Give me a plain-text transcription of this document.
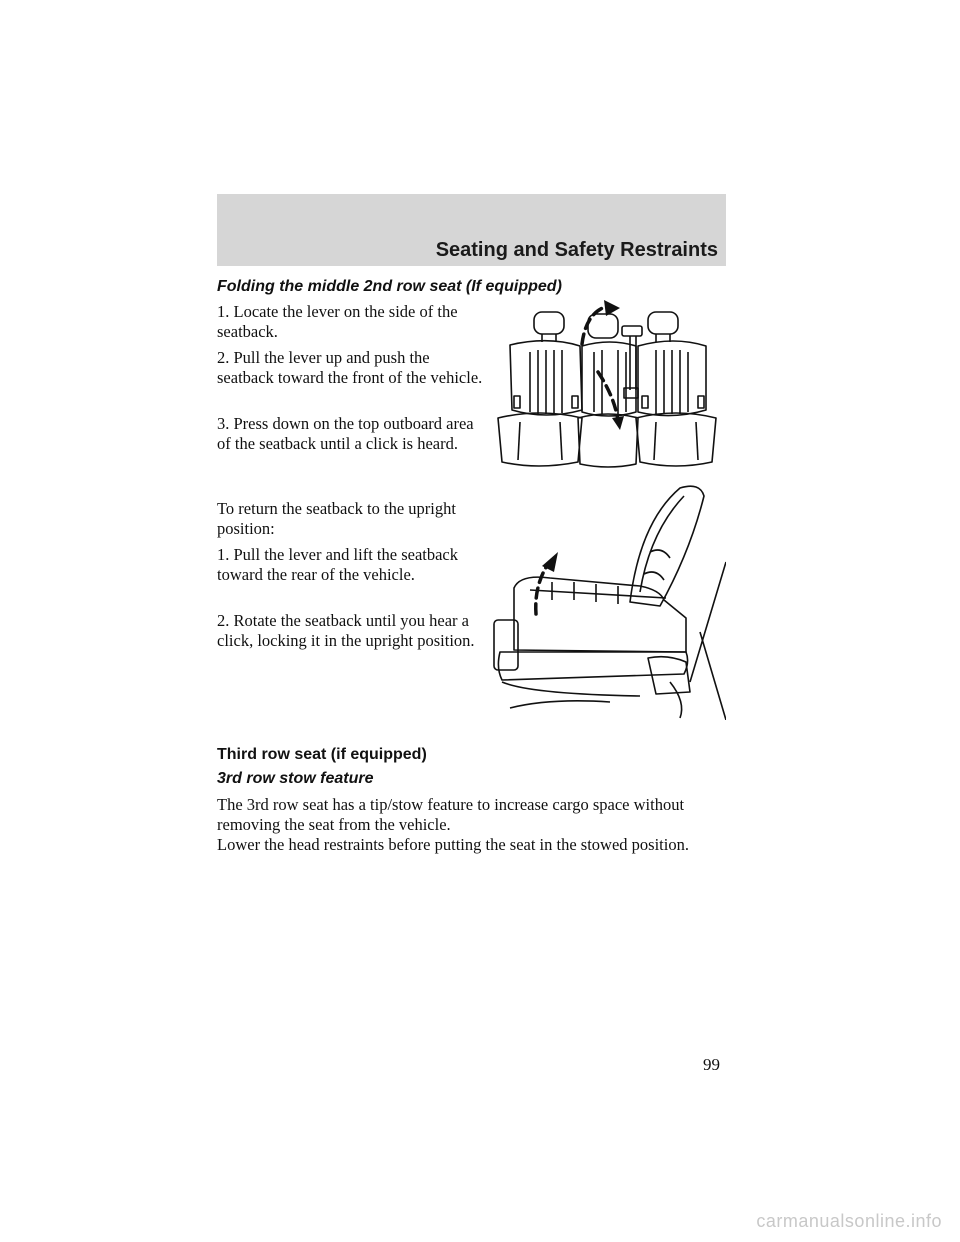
Seating and Safety Restraints
Folding the middle 2nd row seat (If equipped)

1. Locate the lever on the side of the seatback.

2. Pull the lever up and push the seatback toward the front of the vehicle.

3. Press down on the top outboard area of the seatback until a click is heard.

To return the seatback to the upright position:

1. Pull the lever and lift the seatback toward the rear of the vehicle.

2. Rotate the seatback until you hear a click, locking it in the upright position.

Third row seat (if equipped)
3rd row stow feature

The 3rd row seat has a tip/stow feature to increase cargo space without removing the seat from the vehicle.

Lower the head restraints before putting the seat in the stowed position.

99
carmanualsonline.info
